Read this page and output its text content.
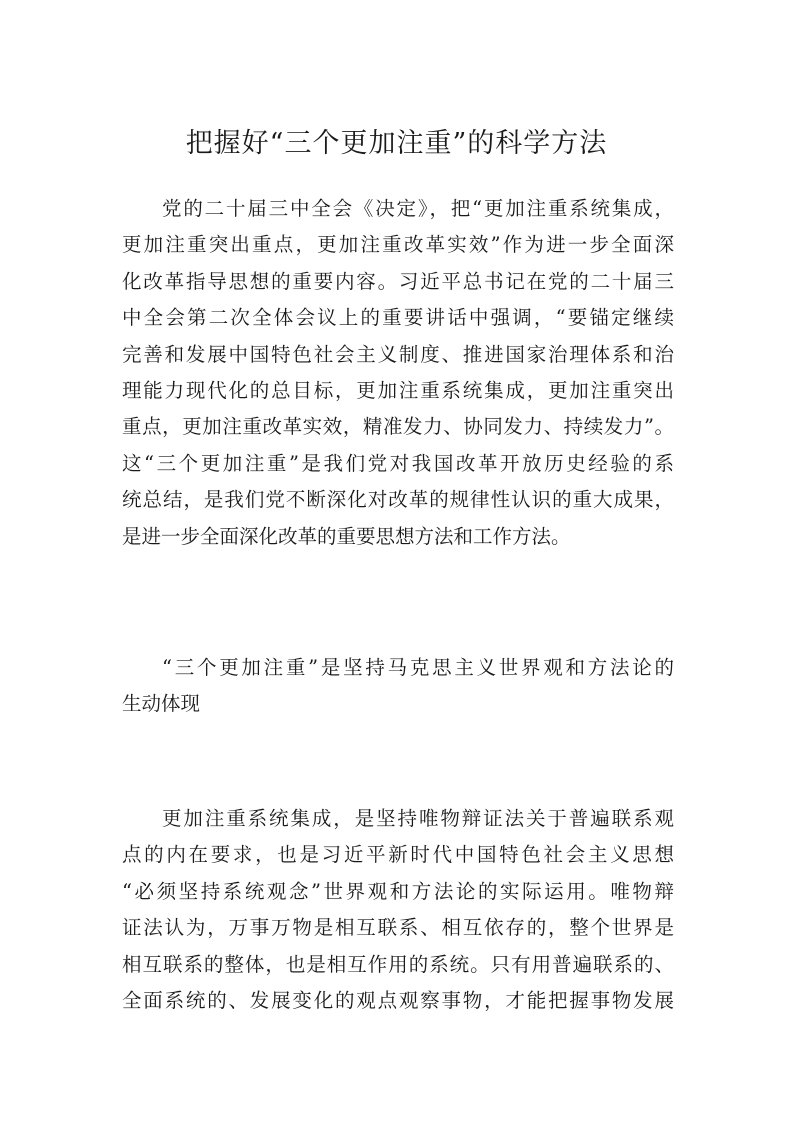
把握好“三个更加注重”的科学方法
党的二十届三中全会《决定》，把“更加注重系统集成，
更加注重突出重点，更加注重改革实效”作为进一步全面深
化改革指导思想的重要内容。习近平总书记在党的二十届三
中全会第二次全体会议上的重要讲话中强调，“要锚定继续
完善和发展中国特色社会主义制度、推进国家治理体系和治
理能力现代化的总目标，更加注重系统集成，更加注重突出
重点，更加注重改革实效，精准发力、协同发力、持续发力”。
这“三个更加注重”是我们党对我国改革开放历史经验的系
统总结，是我们党不断深化对改革的规律性认识的重大成果，
是进一步全面深化改革的重要思想方法和工作方法。
“三个更加注重”是坚持马克思主义世界观和方法论的
生动体现
更加注重系统集成，是坚持唯物辩证法关于普遍联系观
点的内在要求，也是习近平新时代中国特色社会主义思想
“必须坚持系统观念”世界观和方法论的实际运用。唯物辩
证法认为，万事万物是相互联系、相互依存的，整个世界是
相互联系的整体，也是相互作用的系统。只有用普遍联系的、
全面系统的、发展变化的观点观察事物，才能把握事物发展
